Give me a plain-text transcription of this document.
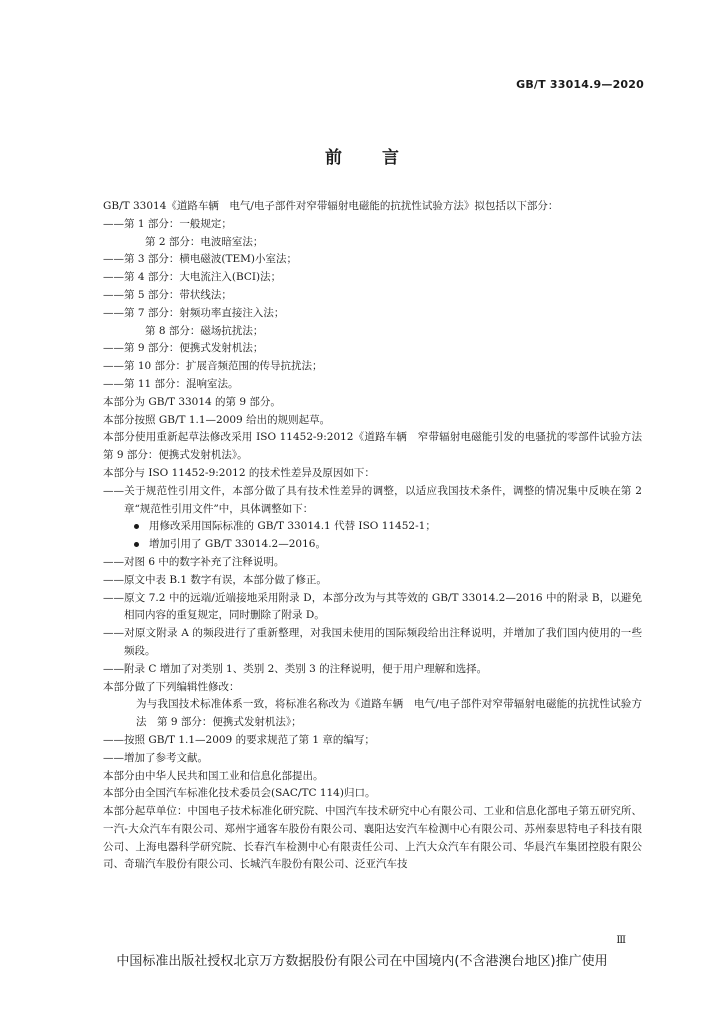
GB/T 33014.9—2020
前言
GB/T 33014《道路车辆　电气/电子部件对窄带辐射电磁能的抗扰性试验方法》拟包括以下部分：
——第 1 部分：一般规定；
第 2 部分：电波暗室法；
——第 3 部分：横电磁波(TEM)小室法；
——第 4 部分：大电流注入(BCI)法；
——第 5 部分：带状线法；
——第 7 部分：射频功率直接注入法；
第 8 部分：磁场抗扰法；
——第 9 部分：便携式发射机法；
——第 10 部分：扩展音频范围的传导抗扰法；
——第 11 部分：混响室法。
本部分为 GB/T 33014 的第 9 部分。
本部分按照 GB/T 1.1—2009 给出的规则起草。
本部分使用重新起草法修改采用 ISO 11452-9:2012《道路车辆　窄带辐射电磁能引发的电骚扰的零部件试验方法　第 9 部分：便携式发射机法》。
本部分与 ISO 11452-9:2012 的技术性差异及原因如下：
——关于规范性引用文件，本部分做了具有技术性差异的调整，以适应我国技术条件，调整的情况集中反映在第 2 章“规范性引用文件”中，具体调整如下：
用修改采用国际标准的 GB/T 33014.1 代替 ISO 11452-1；
增加引用了 GB/T 33014.2—2016。
——对图 6 中的数字补充了注释说明。
——原文中表 B.1 数字有误，本部分做了修正。
——原文 7.2 中的远端/近端接地采用附录 D，本部分改为与其等效的 GB/T 33014.2—2016 中的附录 B，以避免相同内容的重复规定，同时删除了附录 D。
——对原文附录 A 的频段进行了重新整理，对我国未使用的国际频段给出注释说明，并增加了我们国内使用的一些频段。
——附录 C 增加了对类别 1、类别 2、类别 3 的注释说明，便于用户理解和选择。
本部分做了下列编辑性修改：
为与我国技术标准体系一致，将标准名称改为《道路车辆　电气/电子部件对窄带辐射电磁能的抗扰性试验方法　第 9 部分：便携式发射机法》；
——按照 GB/T 1.1—2009 的要求规范了第 1 章的编写；
——增加了参考文献。
本部分由中华人民共和国工业和信息化部提出。
本部分由全国汽车标准化技术委员会(SAC/TC 114)归口。
本部分起草单位：中国电子技术标准化研究院、中国汽车技术研究中心有限公司、工业和信息化部电子第五研究所、一汽-大众汽车有限公司、郑州宇通客车股份有限公司、襄阳达安汽车检测中心有限公司、苏州泰思特电子科技有限公司、上海电器科学研究院、长春汽车检测中心有限责任公司、上汽大众汽车有限公司、华晨汽车集团控股有限公司、奇瑞汽车股份有限公司、长城汽车股份有限公司、泛亚汽车技
Ⅲ
中国标准出版社授权北京万方数据股份有限公司在中国境内(不含港澳台地区)推广使用
